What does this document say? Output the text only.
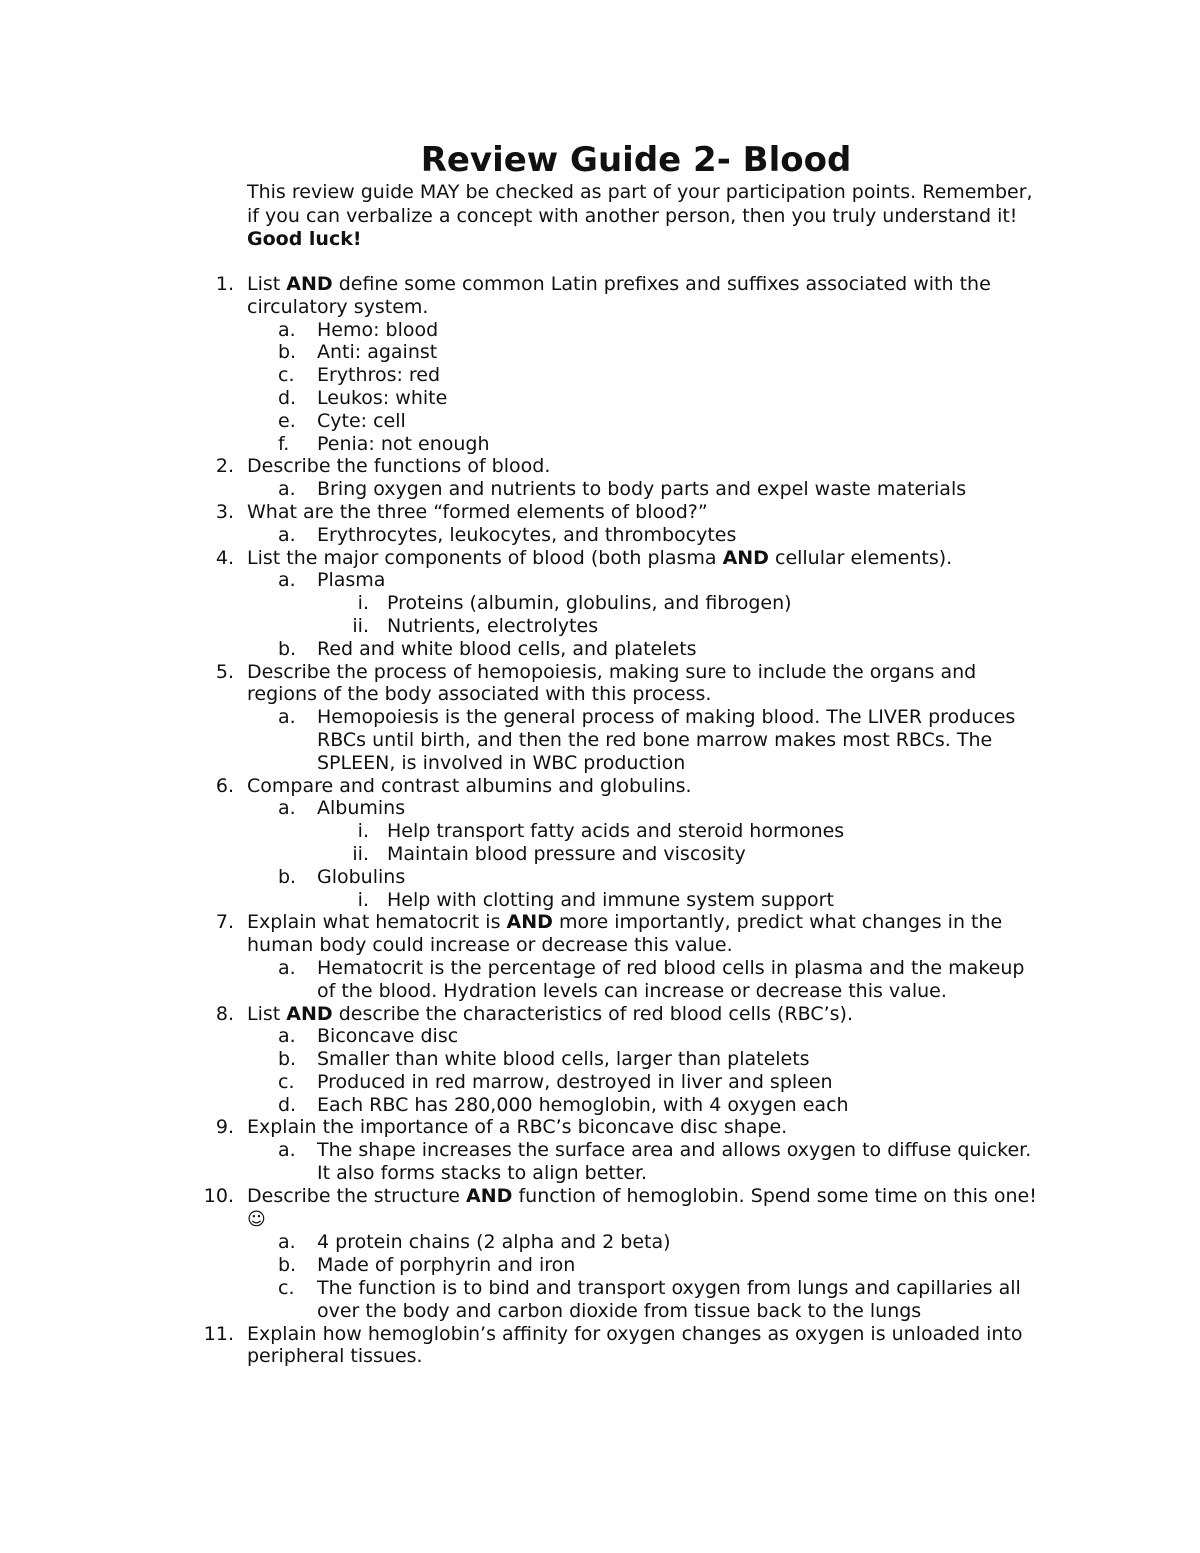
Review Guide 2- Blood
This review guide MAY be checked as part of your participation points. Remember, if you can verbalize a concept with another person, then you truly understand it! Good luck!
1. List AND define some common Latin prefixes and suffixes associated with the circulatory system.
a. Hemo: blood
b. Anti: against
c. Erythros: red
d. Leukos: white
e. Cyte: cell
f. Penia: not enough
2. Describe the functions of blood.
a. Bring oxygen and nutrients to body parts and expel waste materials
3. What are the three “formed elements of blood?”
a. Erythrocytes, leukocytes, and thrombocytes
4. List the major components of blood (both plasma AND cellular elements).
a. Plasma
i. Proteins (albumin, globulins, and fibrogen)
ii. Nutrients, electrolytes
b. Red and white blood cells, and platelets
5. Describe the process of hemopoiesis, making sure to include the organs and regions of the body associated with this process.
a. Hemopoiesis is the general process of making blood. The LIVER produces RBCs until birth, and then the red bone marrow makes most RBCs. The SPLEEN, is involved in WBC production
6. Compare and contrast albumins and globulins.
a. Albumins
i. Help transport fatty acids and steroid hormones
ii. Maintain blood pressure and viscosity
b. Globulins
i. Help with clotting and immune system support
7. Explain what hematocrit is AND more importantly, predict what changes in the human body could increase or decrease this value.
a. Hematocrit is the percentage of red blood cells in plasma and the makeup of the blood. Hydration levels can increase or decrease this value.
8. List AND describe the characteristics of red blood cells (RBC’s).
a. Biconcave disc
b. Smaller than white blood cells, larger than platelets
c. Produced in red marrow, destroyed in liver and spleen
d. Each RBC has 280,000 hemoglobin, with 4 oxygen each
9. Explain the importance of a RBC’s biconcave disc shape.
a. The shape increases the surface area and allows oxygen to diffuse quicker. It also forms stacks to align better.
10. Describe the structure AND function of hemoglobin. Spend some time on this one! ☺
a. 4 protein chains (2 alpha and 2 beta)
b. Made of porphyrin and iron
c. The function is to bind and transport oxygen from lungs and capillaries all over the body and carbon dioxide from tissue back to the lungs
11. Explain how hemoglobin’s affinity for oxygen changes as oxygen is unloaded into peripheral tissues.
